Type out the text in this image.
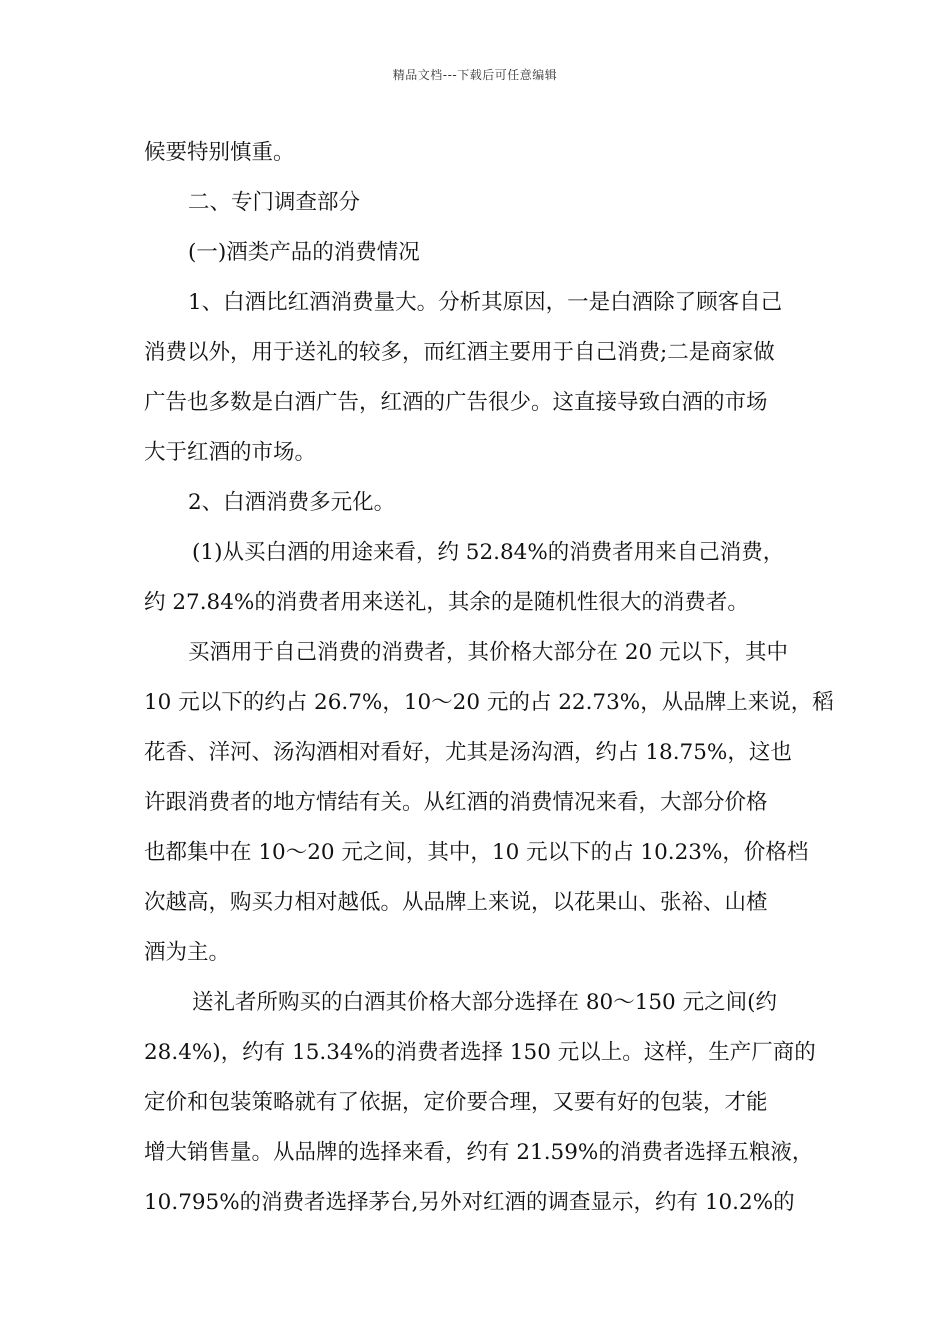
精品文档---下载后可任意编辑
候要特别慎重。
二、专门调查部分
(一)酒类产品的消费情况
1、白酒比红酒消费量大。分析其原因，一是白酒除了顾客自己
消费以外，用于送礼的较多，而红酒主要用于自己消费;二是商家做
广告也多数是白酒广告，红酒的广告很少。这直接导致白酒的市场
大于红酒的市场。
2、白酒消费多元化。
(1)从买白酒的用途来看，约 52.84%的消费者用来自己消费，
约 27.84%的消费者用来送礼，其余的是随机性很大的消费者。
买酒用于自己消费的消费者，其价格大部分在 20 元以下，其中
10 元以下的约占 26.7%，10～20 元的占 22.73%，从品牌上来说，稻
花香、洋河、汤沟酒相对看好，尤其是汤沟酒，约占 18.75%，这也
许跟消费者的地方情结有关。从红酒的消费情况来看，大部分价格
也都集中在 10～20 元之间，其中，10 元以下的占 10.23%，价格档
次越高，购买力相对越低。从品牌上来说，以花果山、张裕、山楂
酒为主。
送礼者所购买的白酒其价格大部分选择在 80～150 元之间(约
28.4%)，约有 15.34%的消费者选择 150 元以上。这样，生产厂商的
定价和包装策略就有了依据，定价要合理，又要有好的包装，才能
增大销售量。从品牌的选择来看，约有 21.59%的消费者选择五粮液，
10.795%的消费者选择茅台,另外对红酒的调查显示，约有 10.2%的
